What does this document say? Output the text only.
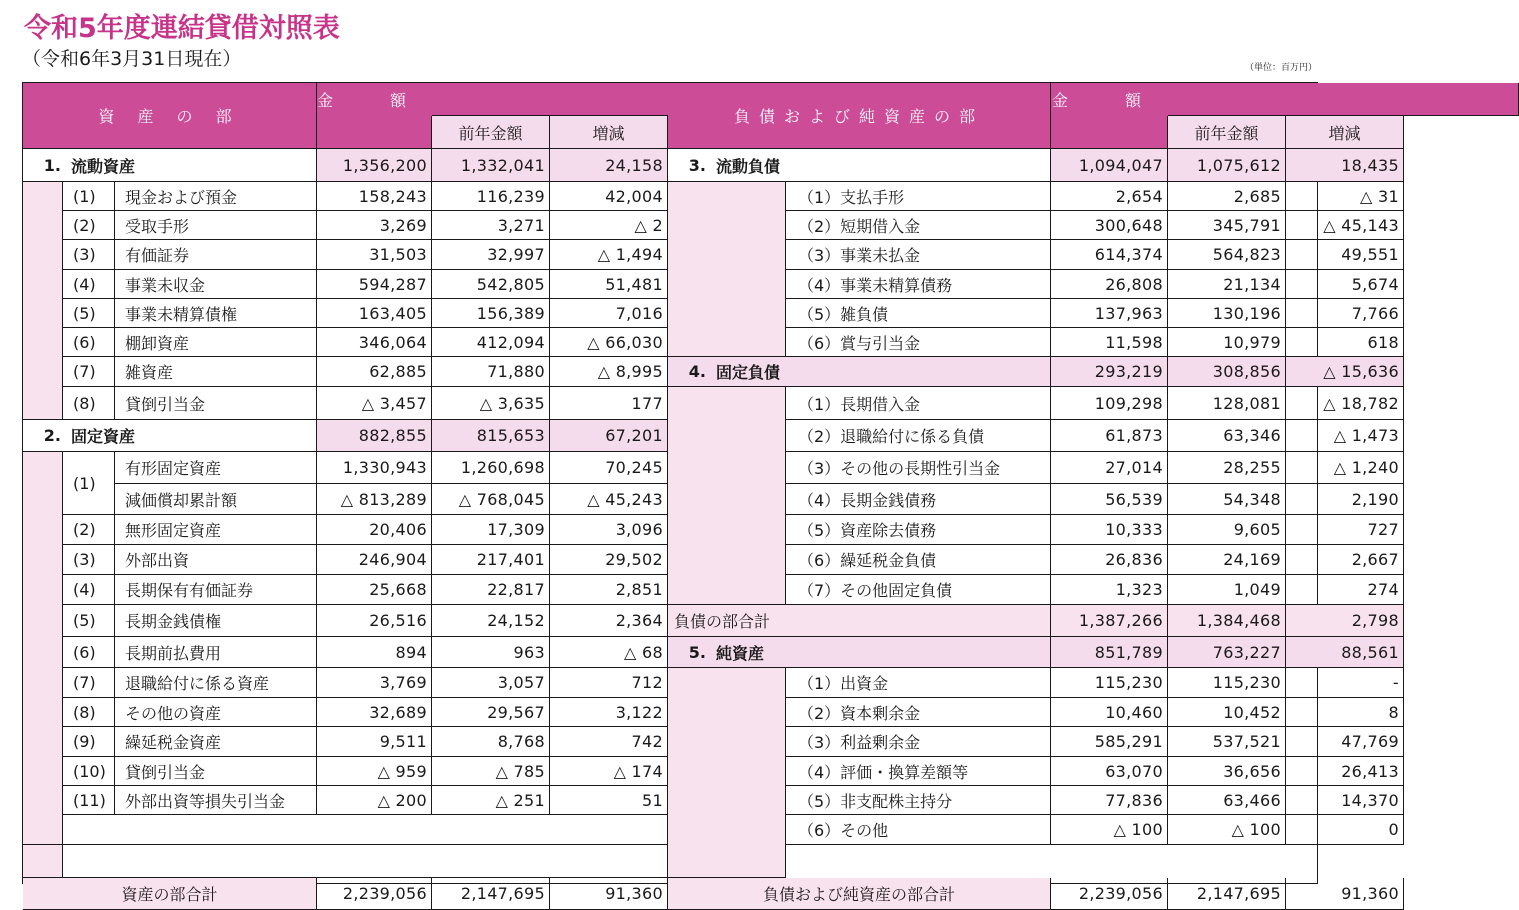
令和5年度連結貸借対照表
（令和6年3月31日現在）	（単位：百万円）
資 産 の 部
金 額
前年金額	増減
負債および純資産の部
金 額
前年金額	増減
1. 流動資産	1,356,200	1,332,041	24,158
(1)	現金および預金	158,243	116,239	42,004
(2)	受取手形	3,269	3,271	△ 2
(3)	有価証券	31,503	32,997	△ 1,494
(4)	事業未収金	594,287	542,805	51,481
(5)	事業未精算債権	163,405	156,389	7,016
(6)	棚卸資産	346,064	412,094	△ 66,030
(7)	雑資産	62,885	71,880	△ 8,995
(8)	貸倒引当金	△ 3,457	△ 3,635	177
2. 固定資産	882,855	815,653	67,201
(1)
有形固定資産	1,330,943	1,260,698	70,245
減価償却累計額	△ 813,289	△ 768,045	△ 45,243
(2)	無形固定資産	20,406	17,309	3,096
(3)	外部出資	246,904	217,401	29,502
(4)	長期保有有価証券	25,668	22,817	2,851
(5)	長期金銭債権	26,516	24,152	2,364
(6)	長期前払費用	894	963	△ 68
(7)	退職給付に係る資産	3,769	3,057	712
(8)	その他の資産	32,689	29,567	3,122
(9)	繰延税金資産	9,511	8,768	742
(10)	貸倒引当金	△ 959	△ 785	△ 174
(11)	外部出資等損失引当金	△ 200	△ 251	51
資産の部合計	2,239,056	2,147,695	91,360
3. 流動負債	1,094,047	1,075,612	18,435
（1）支払手形	2,654	2,685	△ 31
（2）短期借入金	300,648	345,791	△ 45,143
（3）事業未払金	614,374	564,823	49,551
（4）事業未精算債務	26,808	21,134	5,674
（5）雑負債	137,963	130,196	7,766
（6）賞与引当金	11,598	10,979	618
4. 固定負債	293,219	308,856	△ 15,636
（1）長期借入金	109,298	128,081	△ 18,782
（2）退職給付に係る負債	61,873	63,346	△ 1,473
（3）その他の長期性引当金	27,014	28,255	△ 1,240
（4）長期金銭債務	56,539	54,348	2,190
（5）資産除去債務	10,333	9,605	727
（6）繰延税金負債	26,836	24,169	2,667
（7）その他固定負債	1,323	1,049	274
負債の部合計	1,387,266	1,384,468	2,798
5. 純資産	851,789	763,227	88,561
（1）出資金	115,230	115,230	-
（2）資本剰余金	10,460	10,452	8
（3）利益剰余金	585,291	537,521	47,769
（4）評価・換算差額等	63,070	36,656	26,413
（5）非支配株主持分	77,836	63,466	14,370
（6）その他	△ 100	△ 100	0
負債および純資産の部合計	2,239,056	2,147,695	91,360
